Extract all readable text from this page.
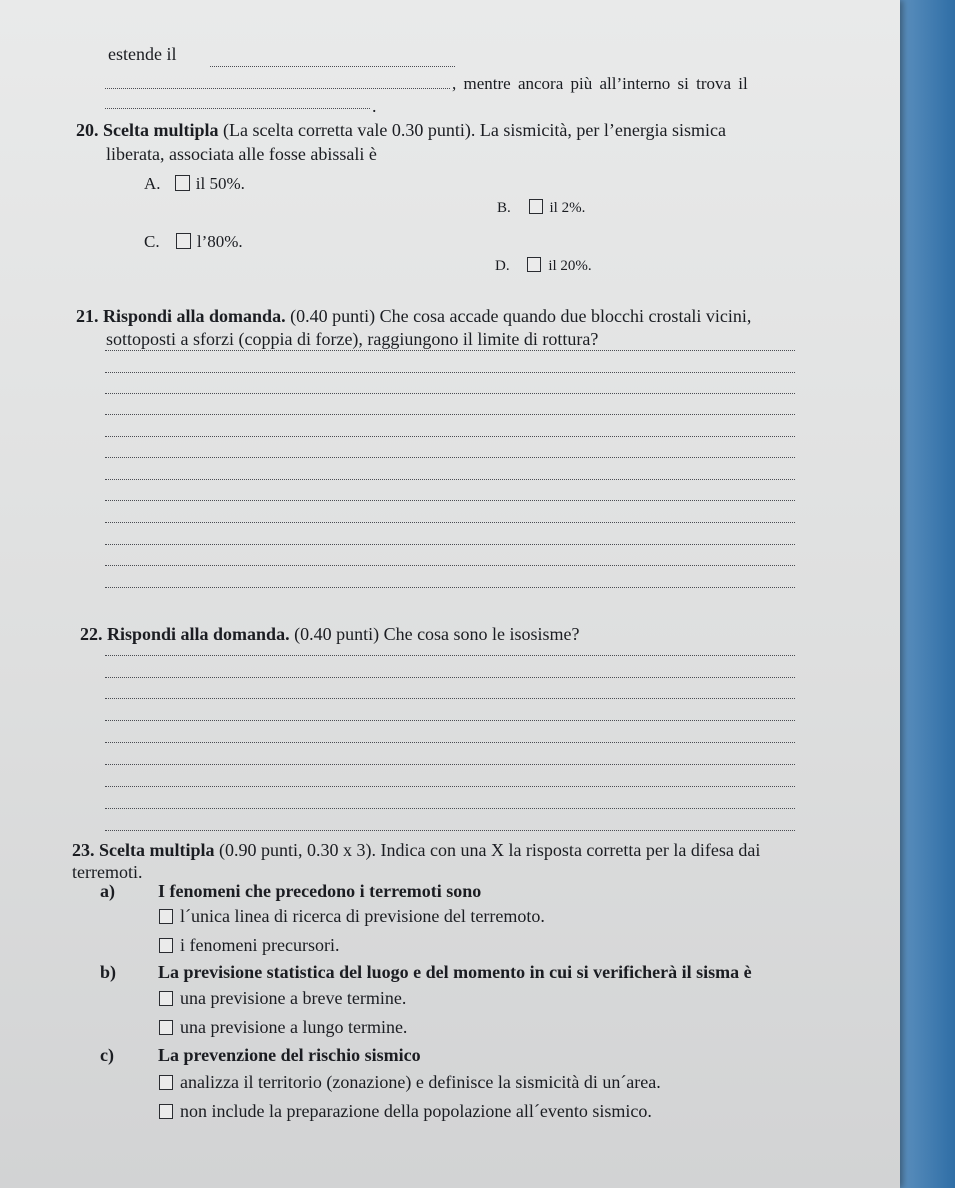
estende il
, mentre ancora più all’interno si trova il
.
20. Scelta multipla (La scelta corretta vale 0.30 punti). La sismicità, per l’energia sismica
liberata, associata alle fosse abissali è
A. il 50%.
B.	il 2%.
C. l’80%.
D.	il 20%.
21. Rispondi alla domanda. (0.40 punti) Che cosa accade quando due blocchi crostali vicini,
sottoposti a sforzi (coppia di forze), raggiungono il limite di rottura?
22. Rispondi alla domanda. (0.40 punti) Che cosa sono le isosisme?
23. Scelta multipla (0.90 punti, 0.30 x 3). Indica con una X la risposta corretta per la difesa dai
terremoti.
a) I fenomeni che precedono i terremoti sono
l´unica linea di ricerca di previsione del terremoto.
i fenomeni precursori.
b) La previsione statistica del luogo e del momento in cui si verificherà il sisma è
una previsione a breve termine.
una previsione a lungo termine.
c) La prevenzione del rischio sismico
analizza il territorio (zonazione) e definisce la sismicità di un´area.
non include la preparazione della popolazione all´evento sismico.
